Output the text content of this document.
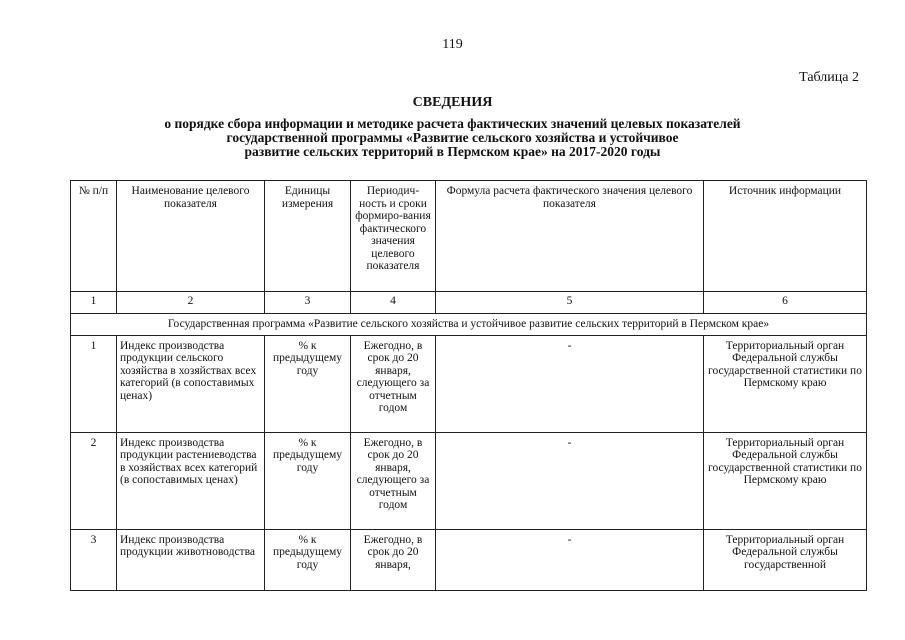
119
Таблица 2
СВЕДЕНИЯ
о порядке сбора информации и методике расчета фактических значений целевых показателей
государственной программы «Развитие сельского хозяйства и устойчивое
развитие сельских территорий в Пермском крае» на 2017-2020 годы
№ п/п	Наименование целевого показателя	Единицы измерения	Периодич-ность и сроки формиро-вания фактического значения целевого показателя	Формула расчета фактического значения целевого показателя	Источник информации
1	2	3	4	5	6
Государственная программа «Развитие сельского хозяйства и устойчивое развитие сельских территорий в Пермском крае»					
1	Индекс производства продукции сельского хозяйства в хозяйствах всех категорий (в сопоставимых ценах)	% к предыдущему году	Ежегодно, в срок до 20 января, следующего за отчетным годом	-	Территориальный орган Федеральной службы государственной статистики по Пермскому краю
2	Индекс производства продукции растениеводства в хозяйствах всех категорий (в сопоставимых ценах)	% к предыдущему году	Ежегодно, в срок до 20 января, следующего за отчетным годом	-	Территориальный орган Федеральной службы государственной статистики по Пермскому краю
3	Индекс производства продукции животноводства	% к предыдущему году	Ежегодно, в срок до 20 января,	-	Территориальный орган Федеральной службы государственной
